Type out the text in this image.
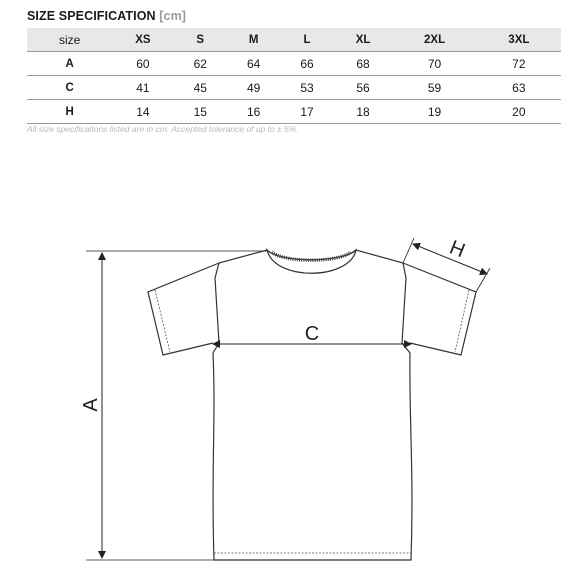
SIZE SPECIFICATION [cm]
size	XS	S	M	L	XL	2XL	3XL
A	60	62	64	66	68	70	72
C	41	45	49	53	56	59	63
H	14	15	16	17	18	19	20
All size specifications listed are in cm. Accepted tolerance of up to ± 5%.
A
C
H
